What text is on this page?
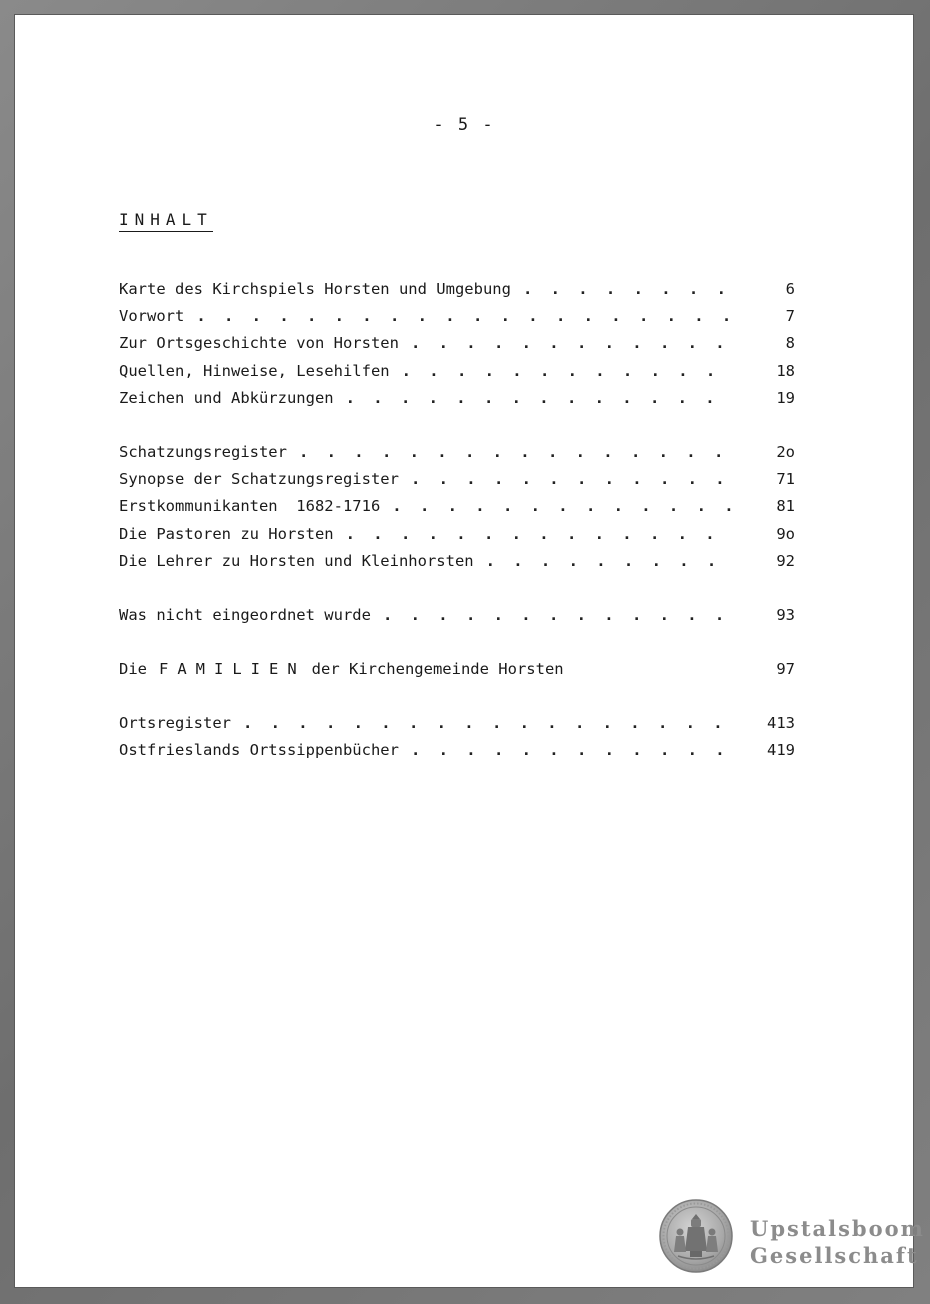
- 5 -
INHALT
Karte des Kirchspiels Horsten und Umgebung . . .	6
Vorwort . . .	7
Zur Ortsgeschichte von Horsten . . .	8
Quellen, Hinweise, Lesehilfen . . .	18
Zeichen und Abkürzungen . . .	19
Schatzungsregister . . .	2o
Synopse der Schatzungsregister . . .	71
Erstkommunikanten  1682-1716 . . .	81
Die Pastoren zu Horsten . . .	9o
Die Lehrer zu Horsten und Kleinhorsten . . .	92
Was nicht eingeordnet wurde . . .	93
Die FAMILIEN der Kirchengemeinde Horsten	97
Ortsregister . . .	413
Ostfrieslands Ortssippenbücher . . .	419
Upstalsboom
Gesellschaft
